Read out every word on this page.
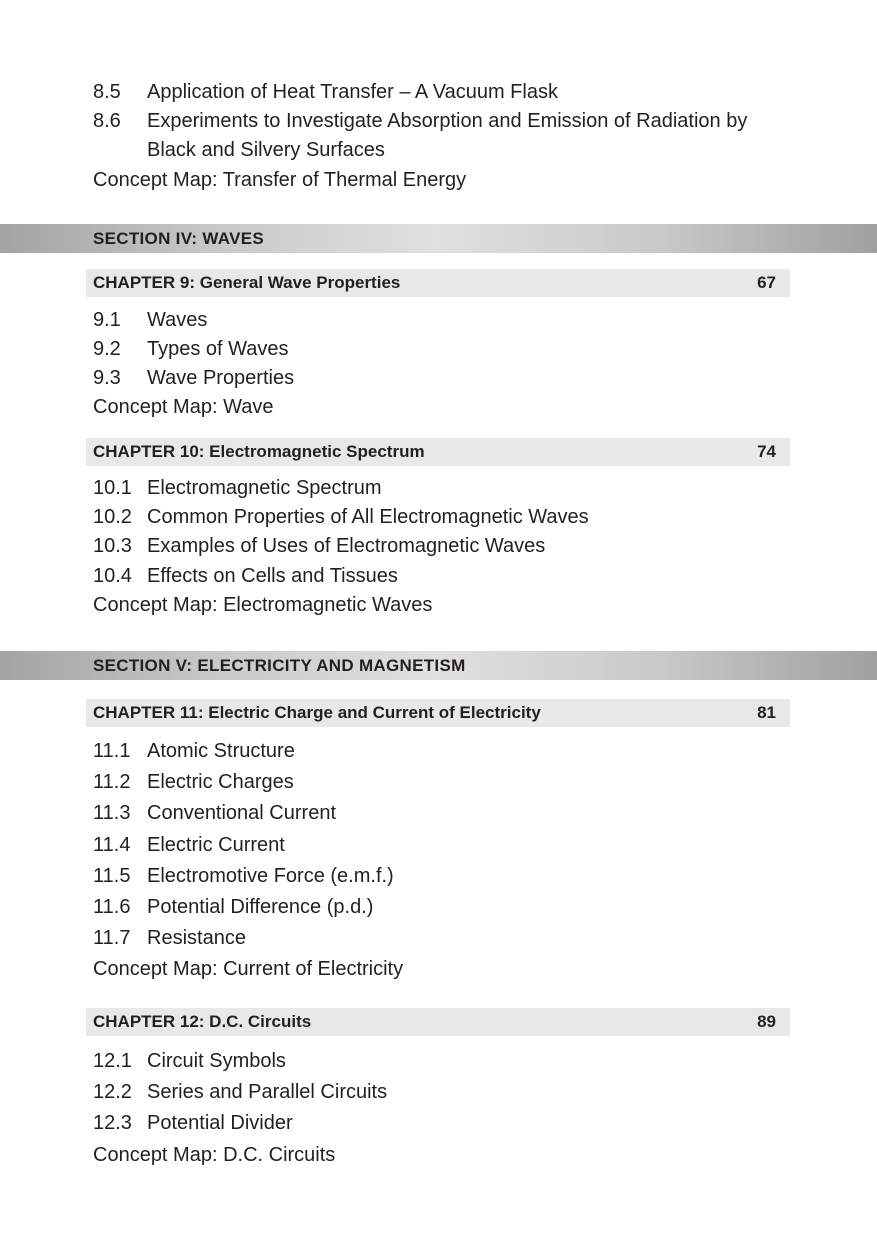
8.5 Application of Heat Transfer – A Vacuum Flask
8.6 Experiments to Investigate Absorption and Emission of Radiation by
Black and Silvery Surfaces
Concept Map: Transfer of Thermal Energy
SECTION IV: WAVES
CHAPTER 9: General Wave Properties	67
9.1 Waves
9.2 Types of Waves
9.3 Wave Properties
Concept Map: Wave
CHAPTER 10: Electromagnetic Spectrum	74
10.1 Electromagnetic Spectrum
10.2 Common Properties of All Electromagnetic Waves
10.3 Examples of Uses of Electromagnetic Waves
10.4 Effects on Cells and Tissues
Concept Map: Electromagnetic Waves
SECTION V: ELECTRICITY AND MAGNETISM
CHAPTER 11: Electric Charge and Current of Electricity	81
11.1 Atomic Structure
11.2 Electric Charges
11.3 Conventional Current
11.4 Electric Current
11.5 Electromotive Force (e.m.f.)
11.6 Potential Difference (p.d.)
11.7 Resistance
Concept Map: Current of Electricity
CHAPTER 12: D.C. Circuits	89
12.1 Circuit Symbols
12.2 Series and Parallel Circuits
12.3 Potential Divider
Concept Map: D.C. Circuits
